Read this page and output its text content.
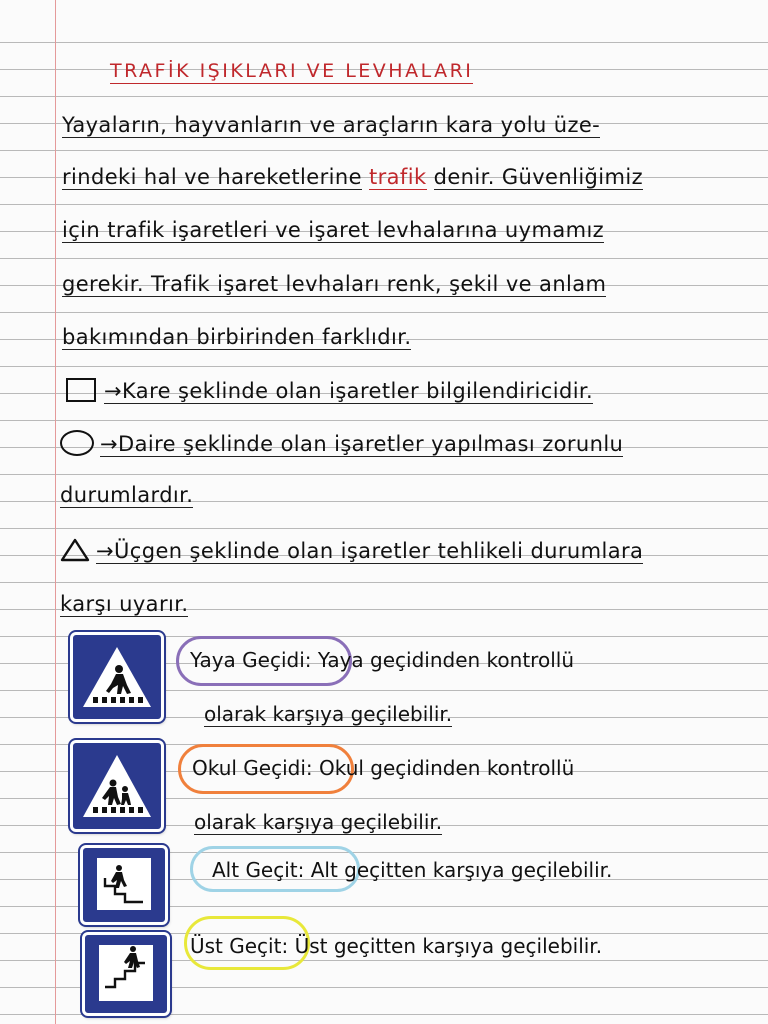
TRAFİK IŞIKLARI VE LEVHALARI
Yayaların, hayvanların ve araçların kara yolu üze-
rindeki hal ve hareketlerine trafik denir. Güvenliğimiz
için trafik işaretleri ve işaret levhalarına uymamız
gerekir. Trafik işaret levhaları renk, şekil ve anlam
bakımından birbirinden farklıdır.
→Kare şeklinde olan işaretler bilgilendiricidir.
→Daire şeklinde olan işaretler yapılması zorunlu
durumlardır.
→Üçgen şeklinde olan işaretler tehlikeli durumlara
karşı uyarır.
Yaya Geçidi: Yaya geçidinden kontrollü
olarak karşıya geçilebilir.
Okul Geçidi: Okul geçidinden kontrollü
olarak karşıya geçilebilir.
Alt Geçit: Alt geçitten karşıya geçilebilir.
Üst Geçit: Üst geçitten karşıya geçilebilir.
